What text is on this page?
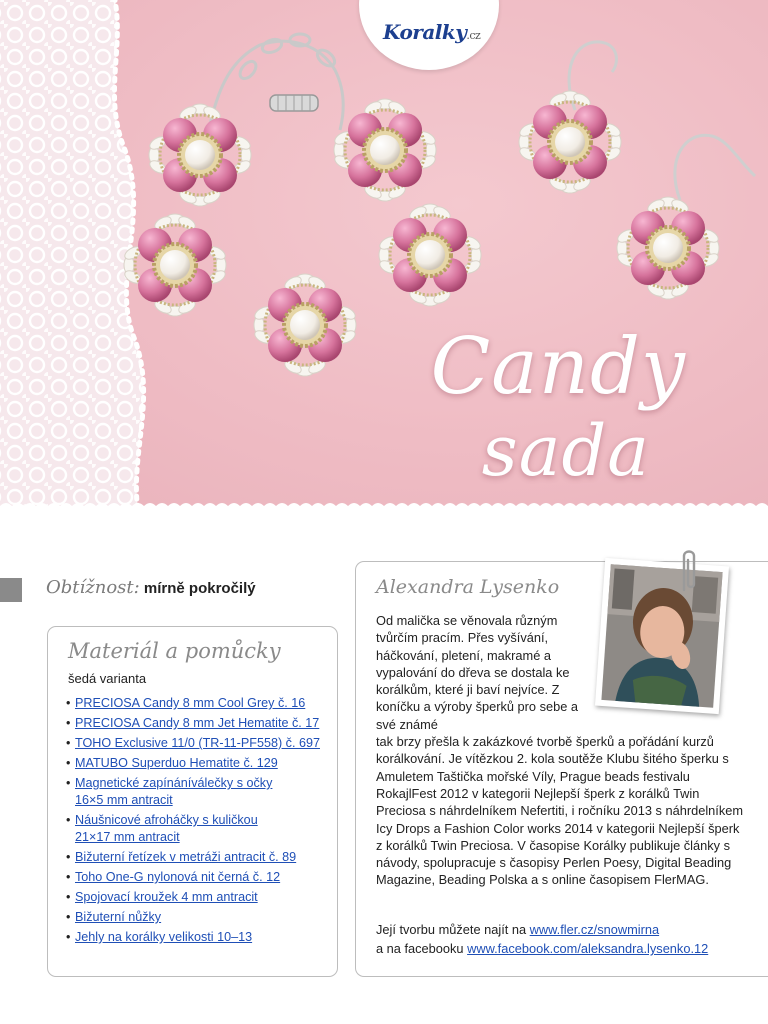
Candy
sada
Koralky.cz
Obtížnost: mírně pokročilý
Materiál a pomůcky
šedá varianta
• PRECIOSA Candy 8 mm Cool Grey č. 16
• PRECIOSA Candy 8 mm Jet Hematite č. 17
• TOHO Exclusive 11/0 (TR-11-PF558) č. 697
• MATUBO Superduo Hematite č. 129
• Magnetické zapínáníválečky s očky 16×5 mm antracit
• Náušnicové afroháčky s kuličkou 21×17 mm antracit
• Bižuterní řetízek v metráži antracit č. 89
• Toho One-G nylonová nit černá č. 12
• Spojovací kroužek 4 mm antracit
• Bižuterní nůžky
• Jehly na korálky velikosti 10–13
Alexandra Lysenko

Od malička se věnovala různým tvůrčím pracím. Přes vyšívání, háčkování, pletení, makramé a vypalování do dřeva se dostala ke korálkům, které ji baví nejvíce. Z koníčku a výroby šperků pro sebe a své známé
tak brzy přešla k zakázkové tvorbě šperků a pořádání kurzů korálkování. Je vítězkou 2. kola soutěže Klubu šitého šperku s Amuletem Taštička mořské Víly, Prague beads festivalu RokajlFest 2012 v kategorii Nejlepší šperk z korálků Twin Preciosa s náhrdelníkem Nefertiti, i ročníku 2013 s náhrdelníkem Icy Drops a Fashion Color works 2014 v kategorii Nejlepší šperk z korálků Twin Preciosa. V časopise Korálky publikuje články s návody, spolupracuje s časopisy Perlen Poesy, Digital Beading Magazine, Beading Polska a s online časopisem FlerMAG.

Její tvorbu můžete najít na www.fler.cz/snowmirna
a na facebooku www.facebook.com/aleksandra.lysenko.12
